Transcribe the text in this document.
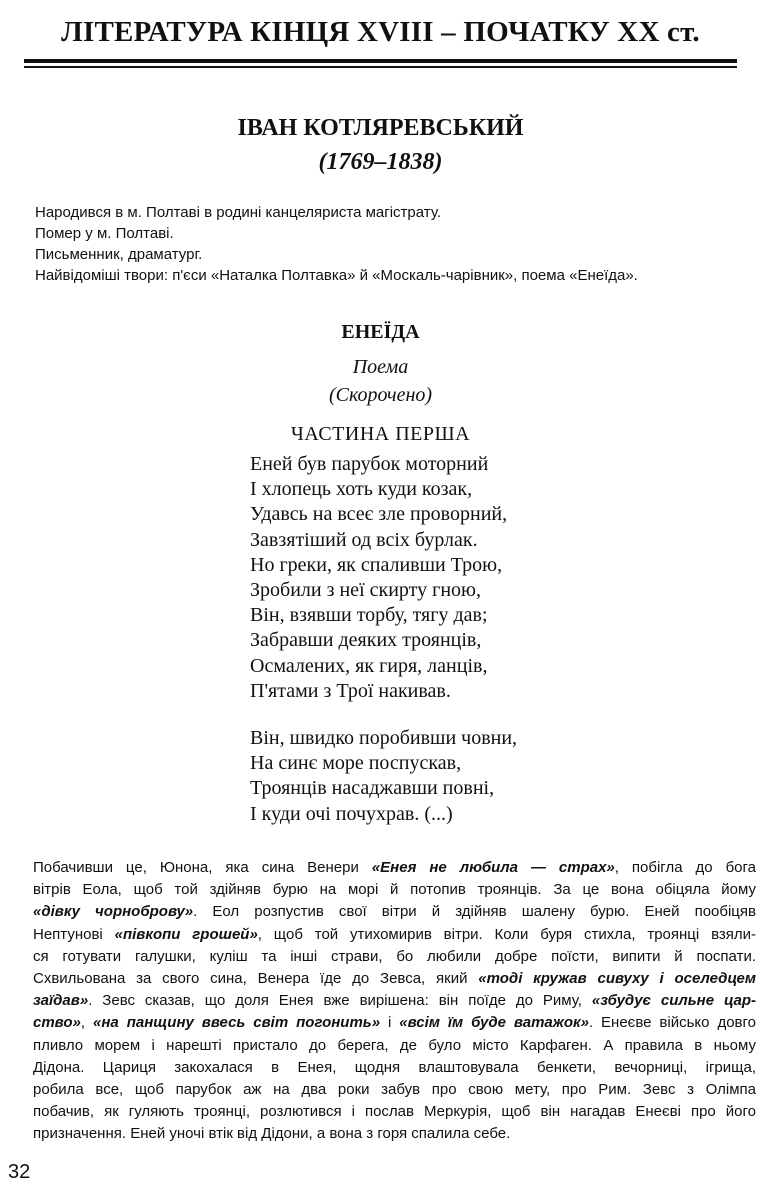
ЛІТЕРАТУРА КІНЦЯ XVIII – ПОЧАТКУ XX ст.
ІВАН КОТЛЯРЕВСЬКИЙ
(1769–1838)
Народився в м. Полтаві в родині канцеляриста магістрату.
Помер у м. Полтаві.
Письменник, драматург.
Найвідоміші твори: п'єси «Наталка Полтавка» й «Москаль-чарівник», поема «Енеїда».
ЕНЕЇДА
Поема
(Скорочено)
ЧАСТИНА ПЕРША
Еней був парубок моторний
І хлопець хоть куди козак,
Удавсь на всеє зле проворний,
Завзятіший од всіх бурлак.
Но греки, як спаливши Трою,
Зробили з неї скирту гною,
Він, взявши торбу, тягу дав;
Забравши деяких троянців,
Осмалених, як гиря, ланців,
П'ятами з Трої накивав.
Він, швидко поробивши човни,
На синє море поспускав,
Троянців насаджавши повні,
І куди очі почухрав. (...)
Побачивши це, Юнона, яка сина Венери «Енея не любила — страх», побігла до бога
вітрів Еола, щоб той здійняв бурю на морі й потопив троянців. За це вона обіцяла йому
«дівку чорноброву». Еол розпустив свої вітри й здійняв шалену бурю. Еней пообіцяв
Нептунові «півкопи грошей», щоб той утихомирив вітри. Коли буря стихла, троянці взяли-
ся готувати галушки, куліш та інші страви, бо любили добре поїсти, випити й поспати.
Схвильована за свого сина, Венера їде до Зевса, який «тоді кружав сивуху і оселедцем
заїдав». Зевс сказав, що доля Енея вже вирішена: він поїде до Риму, «збудує сильне цар-
ство», «на панщину ввесь світ погонить» і «всім їм буде ватажок». Енеєве військо довго
пливло морем і нарешті пристало до берега, де було місто Карфаген. А правила в ньому
Дідона. Цариця закохалася в Енея, щодня влаштовувала бенкети, вечорниці, ігрища,
робила все, щоб парубок аж на два роки забув про свою мету, про Рим. Зевс з Олімпа
побачив, як гуляють троянці, розлютився і послав Меркурія, щоб він нагадав Енеєві про його
призначення. Еней уночі втік від Дідони, а вона з горя спалила себе.
32
